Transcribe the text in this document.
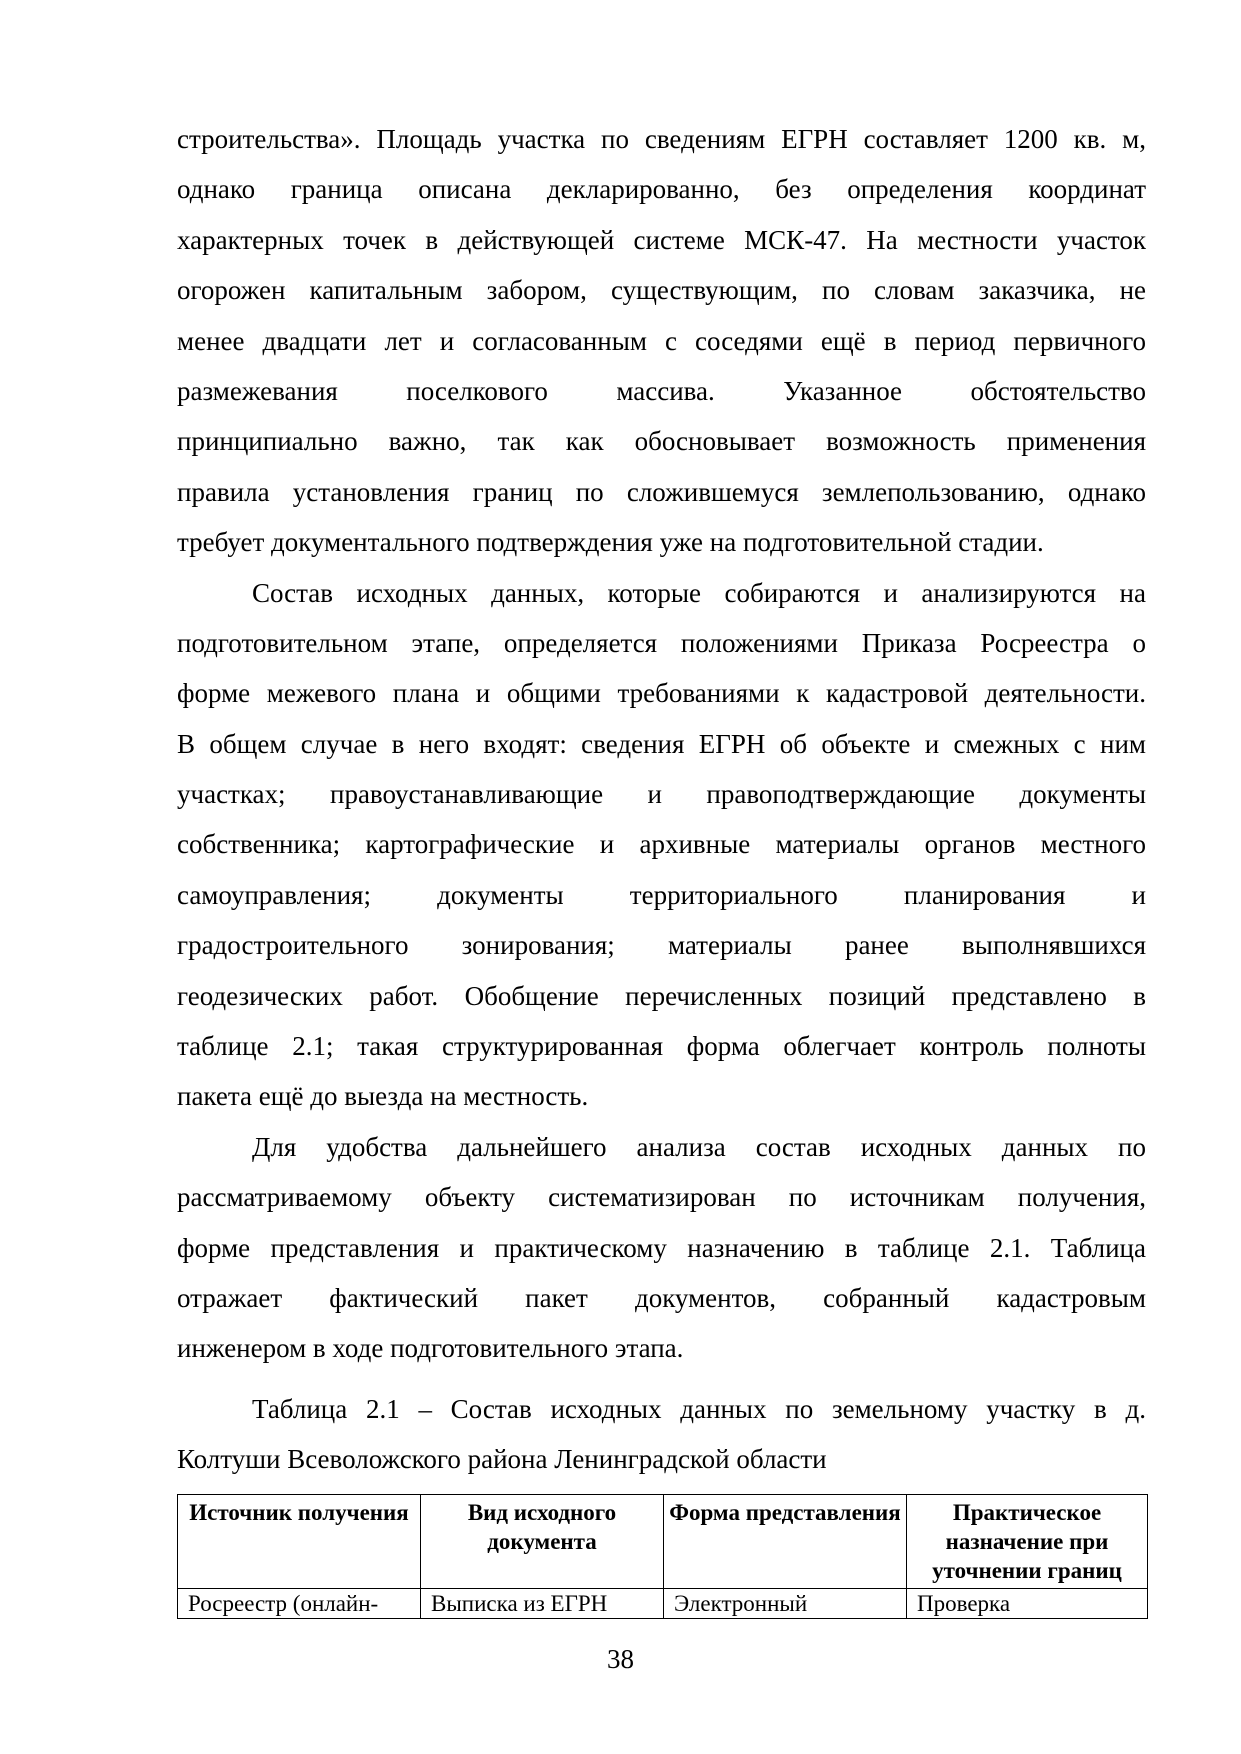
строительства». Площадь участка по сведениям ЕГРН составляет 1200 кв. м,
однако граница описана декларированно, без определения координат
характерных точек в действующей системе МСК-47. На местности участок
огорожен капитальным забором, существующим, по словам заказчика, не
менее двадцати лет и согласованным с соседями ещё в период первичного
размежевания поселкового массива. Указанное обстоятельство
принципиально важно, так как обосновывает возможность применения
правила установления границ по сложившемуся землепользованию, однако
требует документального подтверждения уже на подготовительной стадии.
Состав исходных данных, которые собираются и анализируются на
подготовительном этапе, определяется положениями Приказа Росреестра о
форме межевого плана и общими требованиями к кадастровой деятельности.
В общем случае в него входят: сведения ЕГРН об объекте и смежных с ним
участках; правоустанавливающие и правоподтверждающие документы
собственника; картографические и архивные материалы органов местного
самоуправления; документы территориального планирования и
градостроительного зонирования; материалы ранее выполнявшихся
геодезических работ. Обобщение перечисленных позиций представлено в
таблице 2.1; такая структурированная форма облегчает контроль полноты
пакета ещё до выезда на местность.
Для удобства дальнейшего анализа состав исходных данных по
рассматриваемому объекту систематизирован по источникам получения,
форме представления и практическому назначению в таблице 2.1. Таблица
отражает фактический пакет документов, собранный кадастровым
инженером в ходе подготовительного этапа.
Таблица 2.1 – Состав исходных данных по земельному участку в д.
Колтуши Всеволожского района Ленинградской области
Источник получения	Вид исходного документа	Форма представления	Практическое назначение при уточнении границ
Росреестр (онлайн-	Выписка из ЕГРН	Электронный	Проверка
38
